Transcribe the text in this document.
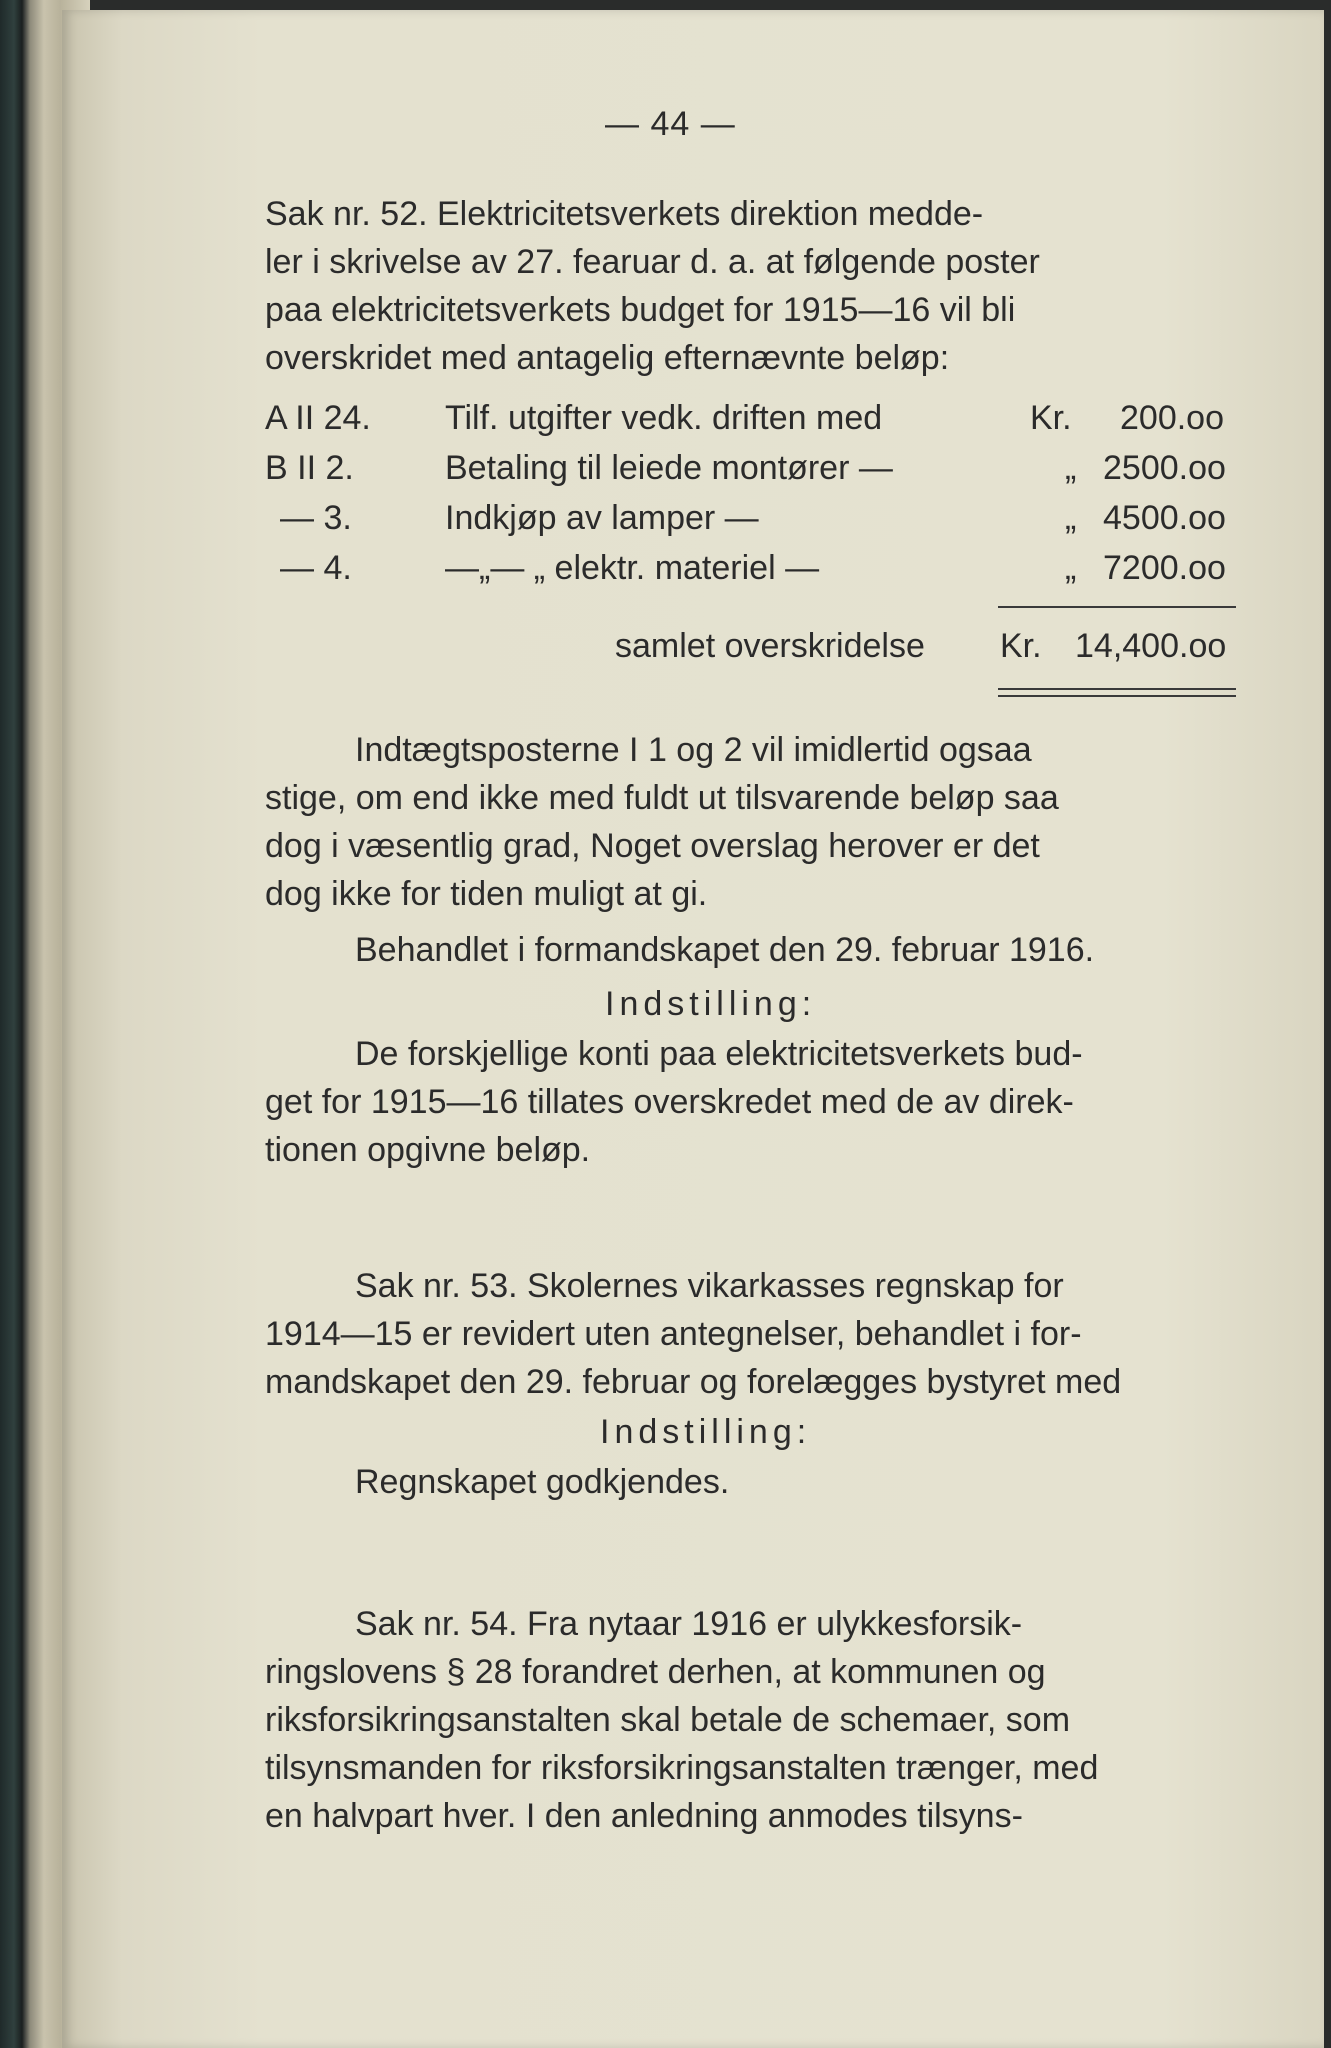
— 44 —
Sak nr. 52. Elektricitetsverkets direktion medde-
ler i skrivelse av 27. fearuar d. a. at følgende poster
paa elektricitetsverkets budget for 1915—16 vil bli
overskridet med antagelig efternævnte beløp:
A II 24. Tilf. utgifter vedk. driften med	Kr. 200.oo
B II 2.	Betaling til leiede montører —	„ 2500.oo
— 3.	Indkjøp av lamper —	„ 4500.oo
— 4.	—„— „ elektr. materiel —	„ 7200.oo
samlet overskridelse Kr. 14,400.oo
Indtægtsposterne I 1 og 2 vil imidlertid ogsaa
stige, om end ikke med fuldt ut tilsvarende beløp saa
dog i væsentlig grad, Noget overslag herover er det
dog ikke for tiden muligt at gi.
Behandlet i formandskapet den 29. februar 1916.
Indstilling:
De forskjellige konti paa elektricitetsverkets bud-
get for 1915—16 tillates overskredet med de av direk-
tionen opgivne beløp.
Sak nr. 53. Skolernes vikarkasses regnskap for
1914—15 er revidert uten antegnelser, behandlet i for-
mandskapet den 29. februar og forelægges bystyret med
Indstilling:
Regnskapet godkjendes.
Sak nr. 54. Fra nytaar 1916 er ulykkesforsik-
ringslovens § 28 forandret derhen, at kommunen og
riksforsikringsanstalten skal betale de schemaer, som
tilsynsmanden for riksforsikringsanstalten trænger, med
en halvpart hver. I den anledning anmodes tilsyns-
